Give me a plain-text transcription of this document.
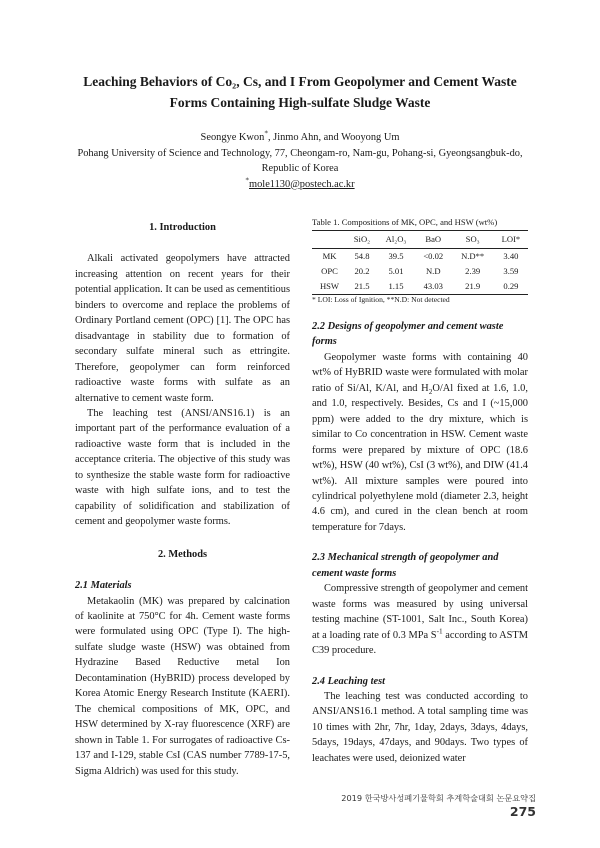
Leaching Behaviors of Co₂, Cs, and I From Geopolymer and Cement Waste
Forms Containing High-sulfate Sludge Waste
Seongye Kwon*, Jinmo Ahn, and Wooyong Um
Pohang University of Science and Technology, 77, Cheongam-ro, Nam-gu, Pohang-si, Gyeongsangbuk-do,
Republic of Korea
*mole1130@postech.ac.kr
1. Introduction

Alkali activated geopolymers have attracted increasing attention on recent years for their potential application. It can be used as cementitious binders to overcome and replace the problems of Ordinary Portland cement (OPC) [1]. The OPC has disadvantage in stability due to formation of secondary sulfate mineral such as ettringite. Therefore, geopolymer can form reinforced radioactive waste forms with sulfate as an alternative to cement waste form.

The leaching test (ANSI/ANS16.1) is an important part of the performance evaluation of a radioactive waste form that is included in the acceptance criteria. The objective of this study was to synthesize the stable waste form for radioactive waste with high sulfate ions, and to test the capability of solidification and stabilization of cement and geopolymer waste forms.

2. Methods
2.1 Materials

Metakaolin (MK) was prepared by calcination of kaolinite at 750°C for 4h. Cement waste forms were formulated using OPC (Type I). The high-sulfate sludge waste (HSW) was obtained from Hydrazine Based Reductive metal Ion Decontamination (HyBRID) process developed by Korea Atomic Energy Research Institute (KAERI). The chemical compositions of MK, OPC, and HSW determined by X-ray fluorescence (XRF) are shown in Table 1. For surrogates of radioactive Cs-137 and I-129, stable CsI (CAS number 7789-17-5, Sigma Aldrich) was used for this study.

Table 1. Compositions of MK, OPC, and HSW (wt%)
	SiO₂	Al₂O₃	BaO	SO₃	LOI*
MK	54.8	39.5	<0.02	N.D**	3.40
OPC	20.2	5.01	N.D	2.39	3.59
HSW	21.5	1.15	43.03	21.9	0.29
* LOI: Loss of Ignition, **N.D: Not detected
2.2 Designs of geopolymer and cement waste forms

Geopolymer waste forms with containing 40 wt% of HyBRID waste were formulated with molar ratio of Si/Al, K/Al, and $H_2O/Al$ fixed at 1.6, 1.0, and 1.0, respectively. Besides, Cs and I (~15,000 ppm) were added to the dry mixture, which is similar to Co concentration in HSW. Cement waste forms were prepared by mixture of OPC (18.6 wt%), HSW (40 wt%), CsI (3 wt%), and DIW (41.4 wt%). All mixture samples were poured into cylindrical polyethylene mold (diameter 2.3, height 4.6 cm), and cured in the clean bench at room temperature for 7days.

2.3 Mechanical strength of geopolymer and cement waste forms

Compressive strength of geopolymer and cement waste forms was measured by using universal testing machine (ST-1001, Salt Inc., South Korea) at a loading rate of 0.3 MPa $S^{-1}$ according to ASTM C39 procedure.

2.4 Leaching test

The leaching test was conducted according to ANSI/ANS16.1 method. A total sampling time was 10 times with 2hr, 7hr, 1day, 2days, 3days, 4days, 5days, 19days, 47days, and 90days. Two types of leachates were used, deionized water

2019 한국방사성폐기물학회 추계학술대회 논문요약집275
